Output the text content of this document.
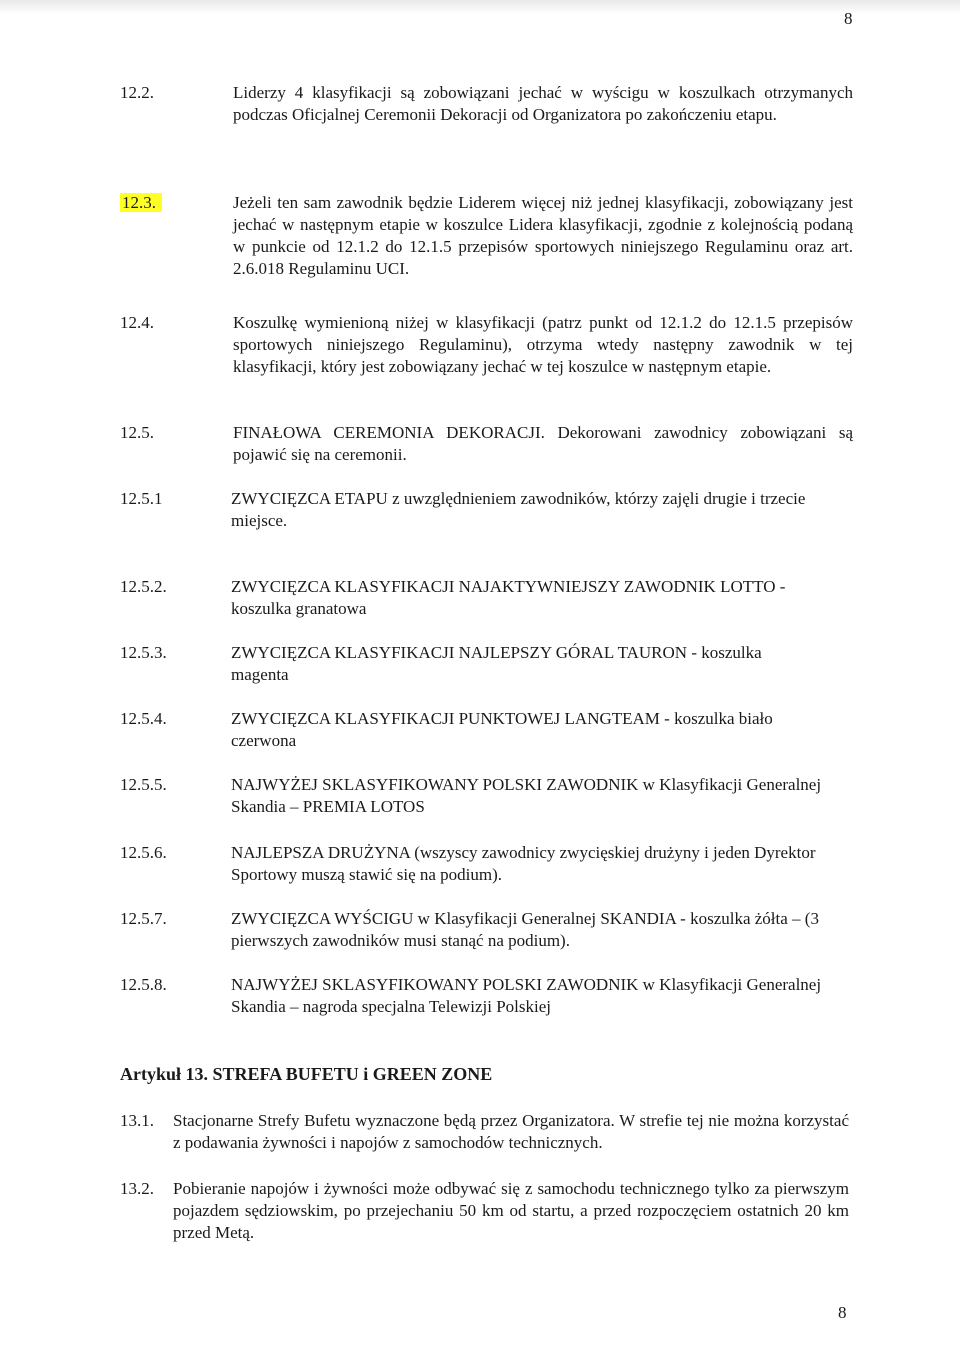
8
12.2.	Liderzy 4 klasyfikacji są zobowiązani jechać w wyścigu w koszulkach otrzymanych podczas Oficjalnej Ceremonii Dekoracji od Organizatora po zakończeniu etapu.
12.3.	Jeżeli ten sam zawodnik będzie Liderem więcej niż jednej klasyfikacji, zobowiązany jest jechać w następnym etapie w koszulce Lidera klasyfikacji, zgodnie z kolejnością podaną w punkcie od 12.1.2 do 12.1.5 przepisów sportowych niniejszego Regulaminu oraz art. 2.6.018 Regulaminu UCI.
12.4.	Koszulkę wymienioną niżej w klasyfikacji (patrz punkt od 12.1.2 do 12.1.5 przepisów sportowych niniejszego Regulaminu), otrzyma wtedy następny zawodnik w tej klasyfikacji, który jest zobowiązany jechać w tej koszulce w następnym etapie.
12.5.	FINAŁOWA CEREMONIA DEKORACJI. Dekorowani zawodnicy zobowiązani są pojawić się na ceremonii.
12.5.1	ZWYCIĘZCA ETAPU z uwzględnieniem zawodników, którzy zajęli drugie i trzecie miejsce.
12.5.2.	ZWYCIĘZCA KLASYFIKACJI NAJAKTYWNIEJSZY ZAWODNIK LOTTO - koszulka granatowa
12.5.3.	ZWYCIĘZCA KLASYFIKACJI NAJLEPSZY GÓRAL TAURON - koszulka magenta
12.5.4.	ZWYCIĘZCA KLASYFIKACJI PUNKTOWEJ LANGTEAM - koszulka biało czerwona
12.5.5.	NAJWYŻEJ SKLASYFIKOWANY POLSKI ZAWODNIK w Klasyfikacji Generalnej Skandia – PREMIA LOTOS
12.5.6.	NAJLEPSZA DRUŻYNA (wszyscy zawodnicy zwycięskiej drużyny i jeden Dyrektor Sportowy muszą stawić się na podium).
12.5.7.	ZWYCIĘZCA WYŚCIGU w Klasyfikacji Generalnej SKANDIA - koszulka żółta – (3 pierwszych zawodników musi stanąć na podium).
12.5.8.	NAJWYŻEJ SKLASYFIKOWANY POLSKI ZAWODNIK w Klasyfikacji Generalnej Skandia – nagroda specjalna Telewizji Polskiej
Artykuł 13. STREFA BUFETU i GREEN ZONE
13.1. Stacjonarne Strefy Bufetu wyznaczone będą przez Organizatora. W strefie tej nie można korzystać z podawania żywności i napojów z samochodów technicznych.
13.2. Pobieranie napojów i żywności może odbywać się z samochodu technicznego tylko za pierwszym pojazdem sędziowskim, po przejechaniu 50 km od startu, a przed rozpoczęciem ostatnich 20 km przed Metą.
8
